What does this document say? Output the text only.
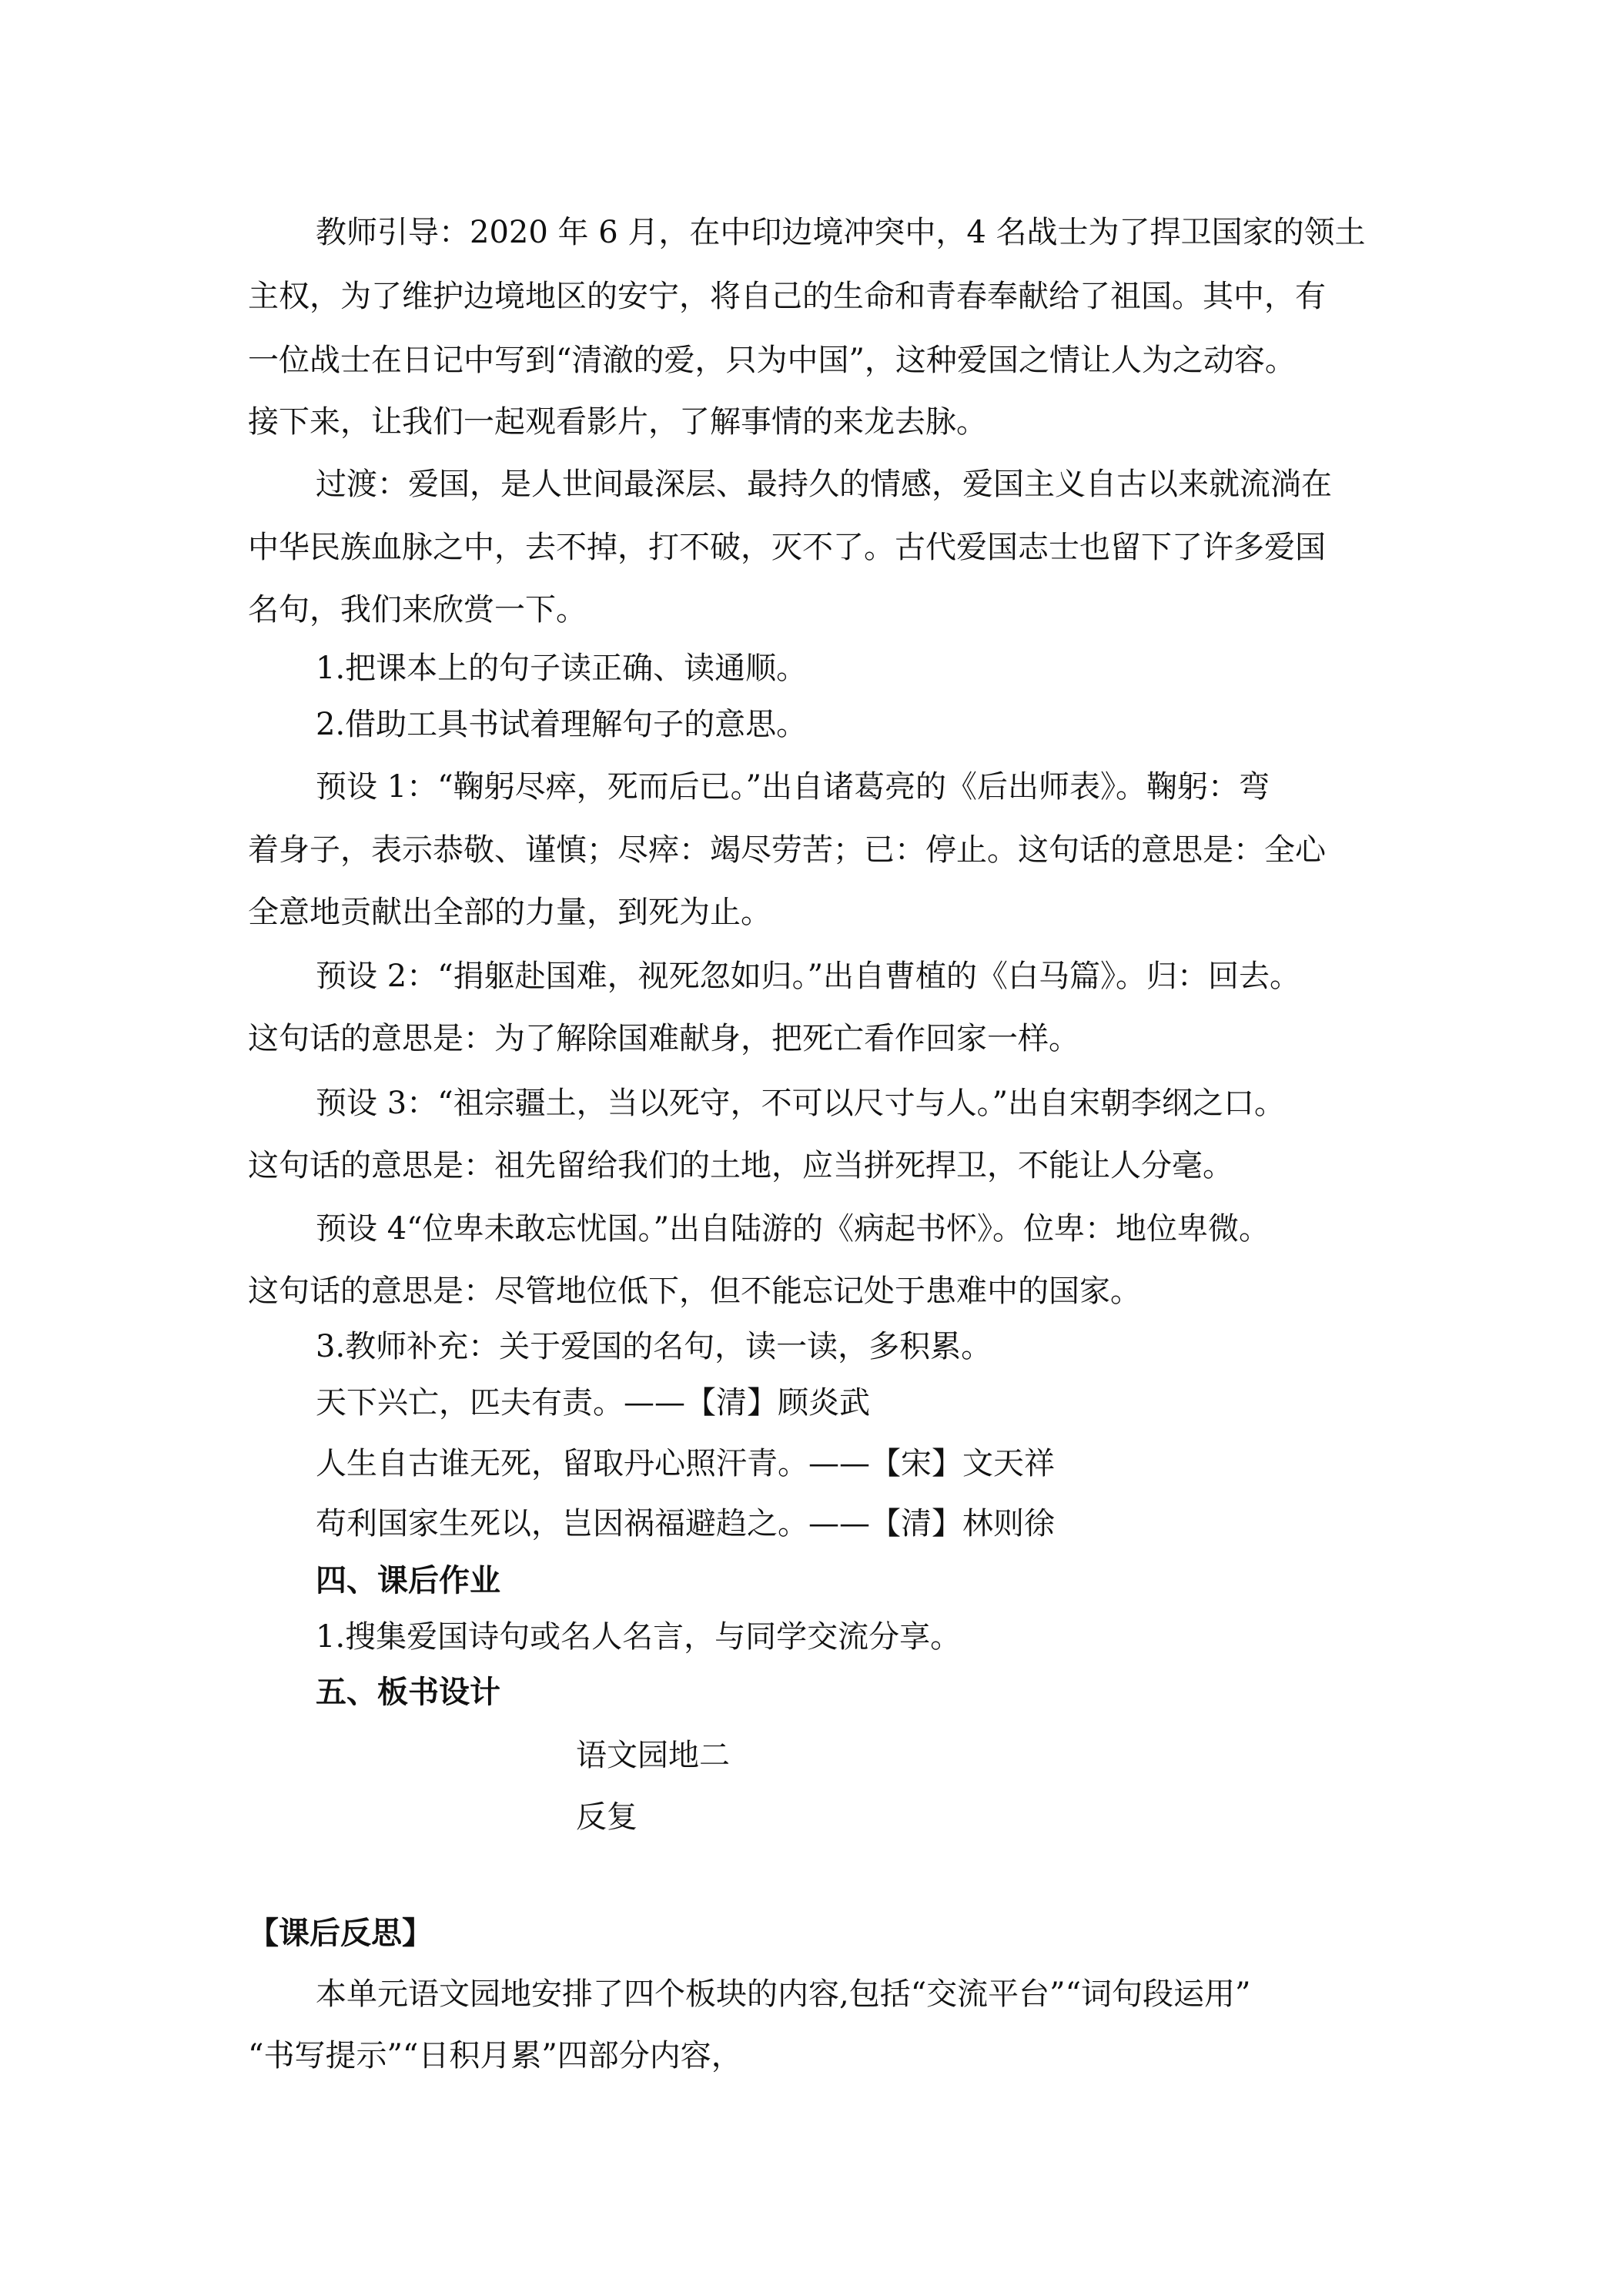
教师引导：2020 年 6 月，在中印边境冲突中，4 名战士为了捍卫国家的领土
主权，为了维护边境地区的安宁，将自己的生命和青春奉献给了祖国。其中，有
一位战士在日记中写到“清澈的爱，只为中国”，这种爱国之情让人为之动容。
接下来，让我们一起观看影片，了解事情的来龙去脉。
过渡：爱国，是人世间最深层、最持久的情感，爱国主义自古以来就流淌在
中华民族血脉之中，去不掉，打不破，灭不了。古代爱国志士也留下了许多爱国
名句，我们来欣赏一下。
1.把课本上的句子读正确、读通顺。
2.借助工具书试着理解句子的意思。
预设 1：“鞠躬尽瘁，死而后已。”出自诸葛亮的《后出师表》。鞠躬：弯
着身子，表示恭敬、谨慎；尽瘁：竭尽劳苦；已：停止。这句话的意思是：全心
全意地贡献出全部的力量，到死为止。
预设 2：“捐躯赴国难，视死忽如归。”出自曹植的《白马篇》。归：回去。
这句话的意思是：为了解除国难献身，把死亡看作回家一样。
预设 3：“祖宗疆土，当以死守，不可以尺寸与人。”出自宋朝李纲之口。
这句话的意思是：祖先留给我们的土地，应当拼死捍卫，不能让人分毫。
预设 4“位卑未敢忘忧国。”出自陆游的《病起书怀》。位卑：地位卑微。
这句话的意思是：尽管地位低下，但不能忘记处于患难中的国家。
3.教师补充：关于爱国的名句，读一读，多积累。
天下兴亡，匹夫有责。——【清】顾炎武
人生自古谁无死，留取丹心照汗青。——【宋】文天祥
苟利国家生死以，岂因祸福避趋之。——【清】林则徐
四、课后作业
1.搜集爱国诗句或名人名言，与同学交流分享。
五、板书设计
语文园地二
反复
【课后反思】
本单元语文园地安排了四个板块的内容,包括“交流平台”“词句段运用”
“书写提示”“日积月累”四部分内容，
